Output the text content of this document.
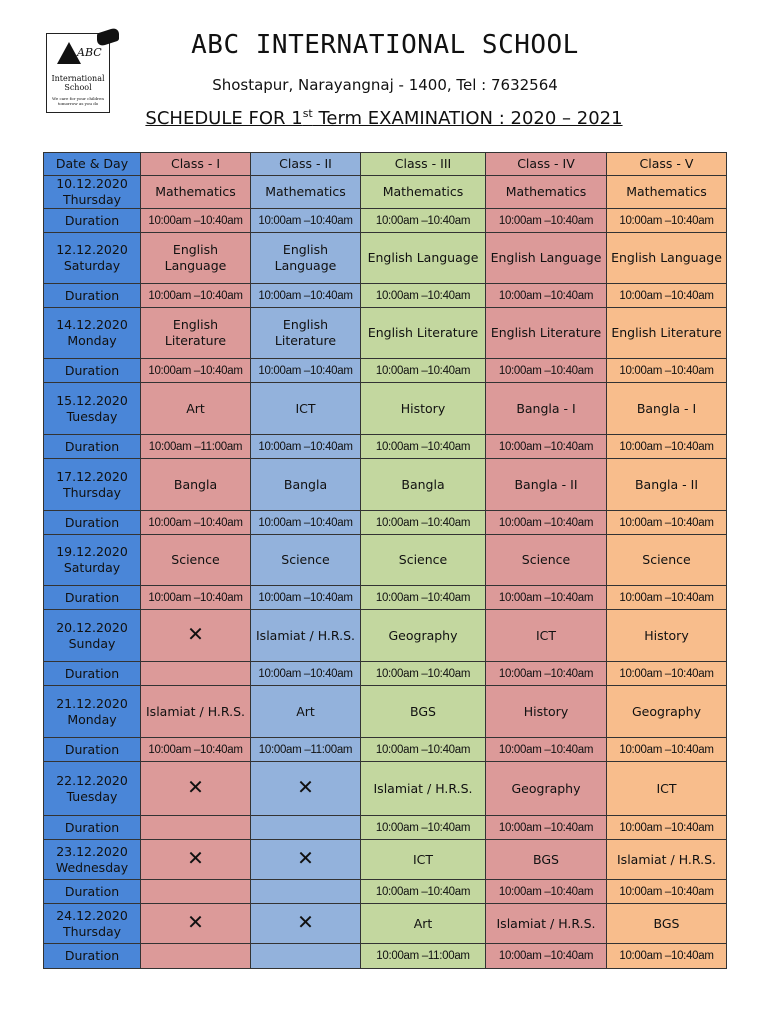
ABC
International School
We care for your children tomorrow as you do
ABC INTERNATIONAL SCHOOL
Shostapur, Narayangnaj - 1400, Tel : 7632564
SCHEDULE FOR 1st Term EXAMINATION : 2020 – 2021
Date & Day	Class - I	Class - II	Class - III	Class - IV	Class - V

10.12.2020
Thursday	Mathematics	Mathematics	Mathematics	Mathematics	Mathematics
Duration	10:00am –10:40am	10:00am –10:40am	10:00am –10:40am	10:00am –10:40am	10:00am –10:40am

12.12.2020
Saturday	English Language	English Language	English Language	English Language	English Language
Duration	10:00am –10:40am	10:00am –10:40am	10:00am –10:40am	10:00am –10:40am	10:00am –10:40am

14.12.2020
Monday	English Literature	English Literature	English Literature	English Literature	English Literature
Duration	10:00am –10:40am	10:00am –10:40am	10:00am –10:40am	10:00am –10:40am	10:00am –10:40am

15.12.2020
Tuesday	Art	ICT	History	Bangla - I	Bangla - I
Duration	10:00am –11:00am	10:00am –10:40am	10:00am –10:40am	10:00am –10:40am	10:00am –10:40am

17.12.2020
Thursday	Bangla	Bangla	Bangla	Bangla - II	Bangla - II
Duration	10:00am –10:40am	10:00am –10:40am	10:00am –10:40am	10:00am –10:40am	10:00am –10:40am

19.12.2020
Saturday	Science	Science	Science	Science	Science
Duration	10:00am –10:40am	10:00am –10:40am	10:00am –10:40am	10:00am –10:40am	10:00am –10:40am

20.12.2020
Sunday	✕	Islamiat / H.R.S.	Geography	ICT	History
Duration		10:00am –10:40am	10:00am –10:40am	10:00am –10:40am	10:00am –10:40am

21.12.2020
Monday	Islamiat / H.R.S.	Art	BGS	History	Geography
Duration	10:00am –10:40am	10:00am –11:00am	10:00am –10:40am	10:00am –10:40am	10:00am –10:40am

22.12.2020
Tuesday	✕	✕	Islamiat / H.R.S.	Geography	ICT
Duration			10:00am –10:40am	10:00am –10:40am	10:00am –10:40am

23.12.2020
Wednesday	✕	✕	ICT	BGS	Islamiat / H.R.S.
Duration			10:00am –10:40am	10:00am –10:40am	10:00am –10:40am

24.12.2020
Thursday	✕	✕	Art	Islamiat / H.R.S.	BGS
Duration			10:00am –11:00am	10:00am –10:40am	10:00am –10:40am
